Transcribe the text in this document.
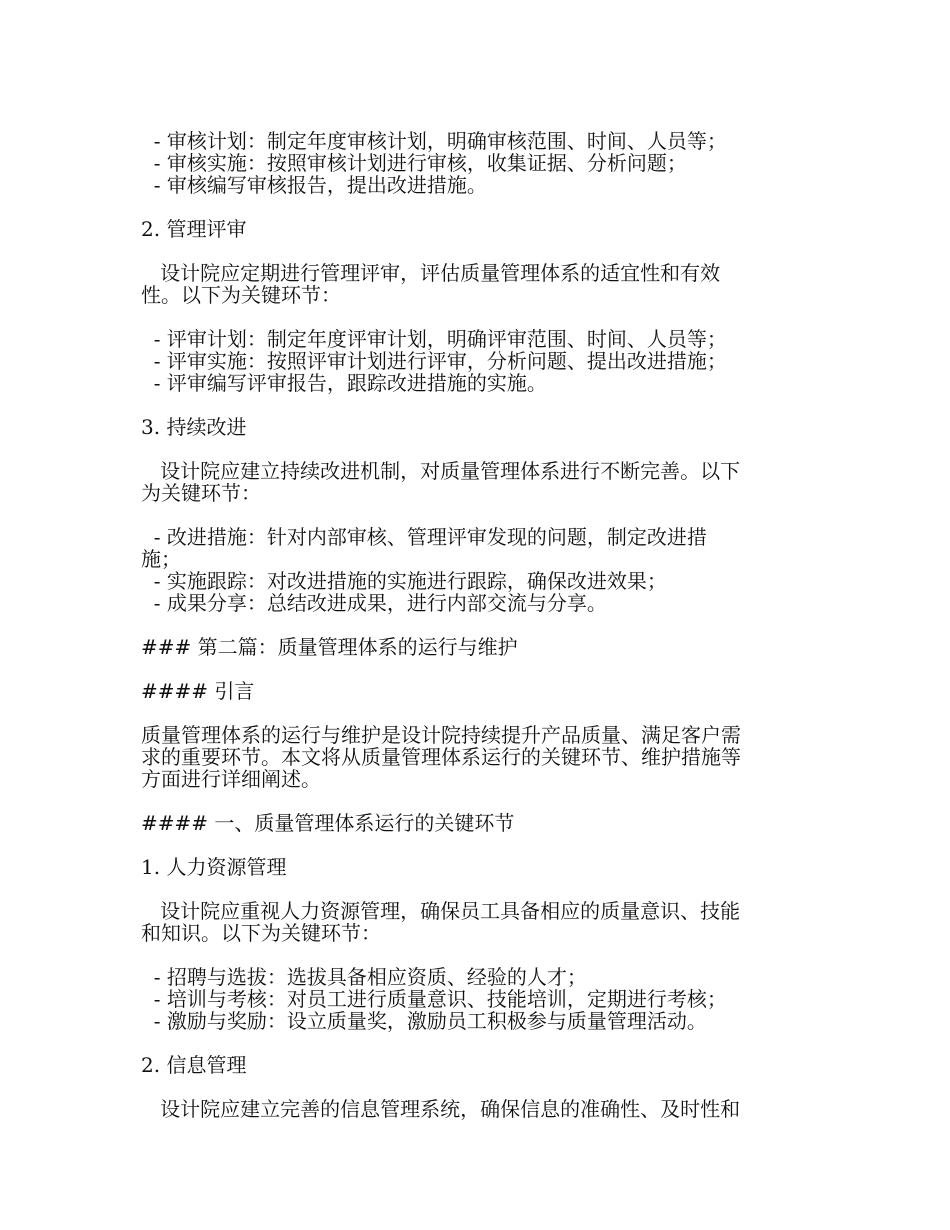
- 审核计划：制定年度审核计划，明确审核范围、时间、人员等；
- 审核实施：按照审核计划进行审核，收集证据、分析问题；
- 审核编写审核报告，提出改进措施。
2. 管理评审
设计院应定期进行管理评审，评估质量管理体系的适宜性和有效
性。以下为关键环节：
- 评审计划：制定年度评审计划，明确评审范围、时间、人员等；
- 评审实施：按照评审计划进行评审，分析问题、提出改进措施；
- 评审编写评审报告，跟踪改进措施的实施。
3. 持续改进
设计院应建立持续改进机制，对质量管理体系进行不断完善。以下
为关键环节：
- 改进措施：针对内部审核、管理评审发现的问题，制定改进措
施；
- 实施跟踪：对改进措施的实施进行跟踪，确保改进效果；
- 成果分享：总结改进成果，进行内部交流与分享。
### 第二篇：质量管理体系的运行与维护
#### 引言
质量管理体系的运行与维护是设计院持续提升产品质量、满足客户需
求的重要环节。本文将从质量管理体系运行的关键环节、维护措施等
方面进行详细阐述。
#### 一、质量管理体系运行的关键环节
1. 人力资源管理
设计院应重视人力资源管理，确保员工具备相应的质量意识、技能
和知识。以下为关键环节：
- 招聘与选拔：选拔具备相应资质、经验的人才；
- 培训与考核：对员工进行质量意识、技能培训，定期进行考核；
- 激励与奖励：设立质量奖，激励员工积极参与质量管理活动。
2. 信息管理
设计院应建立完善的信息管理系统，确保信息的准确性、及时性和
